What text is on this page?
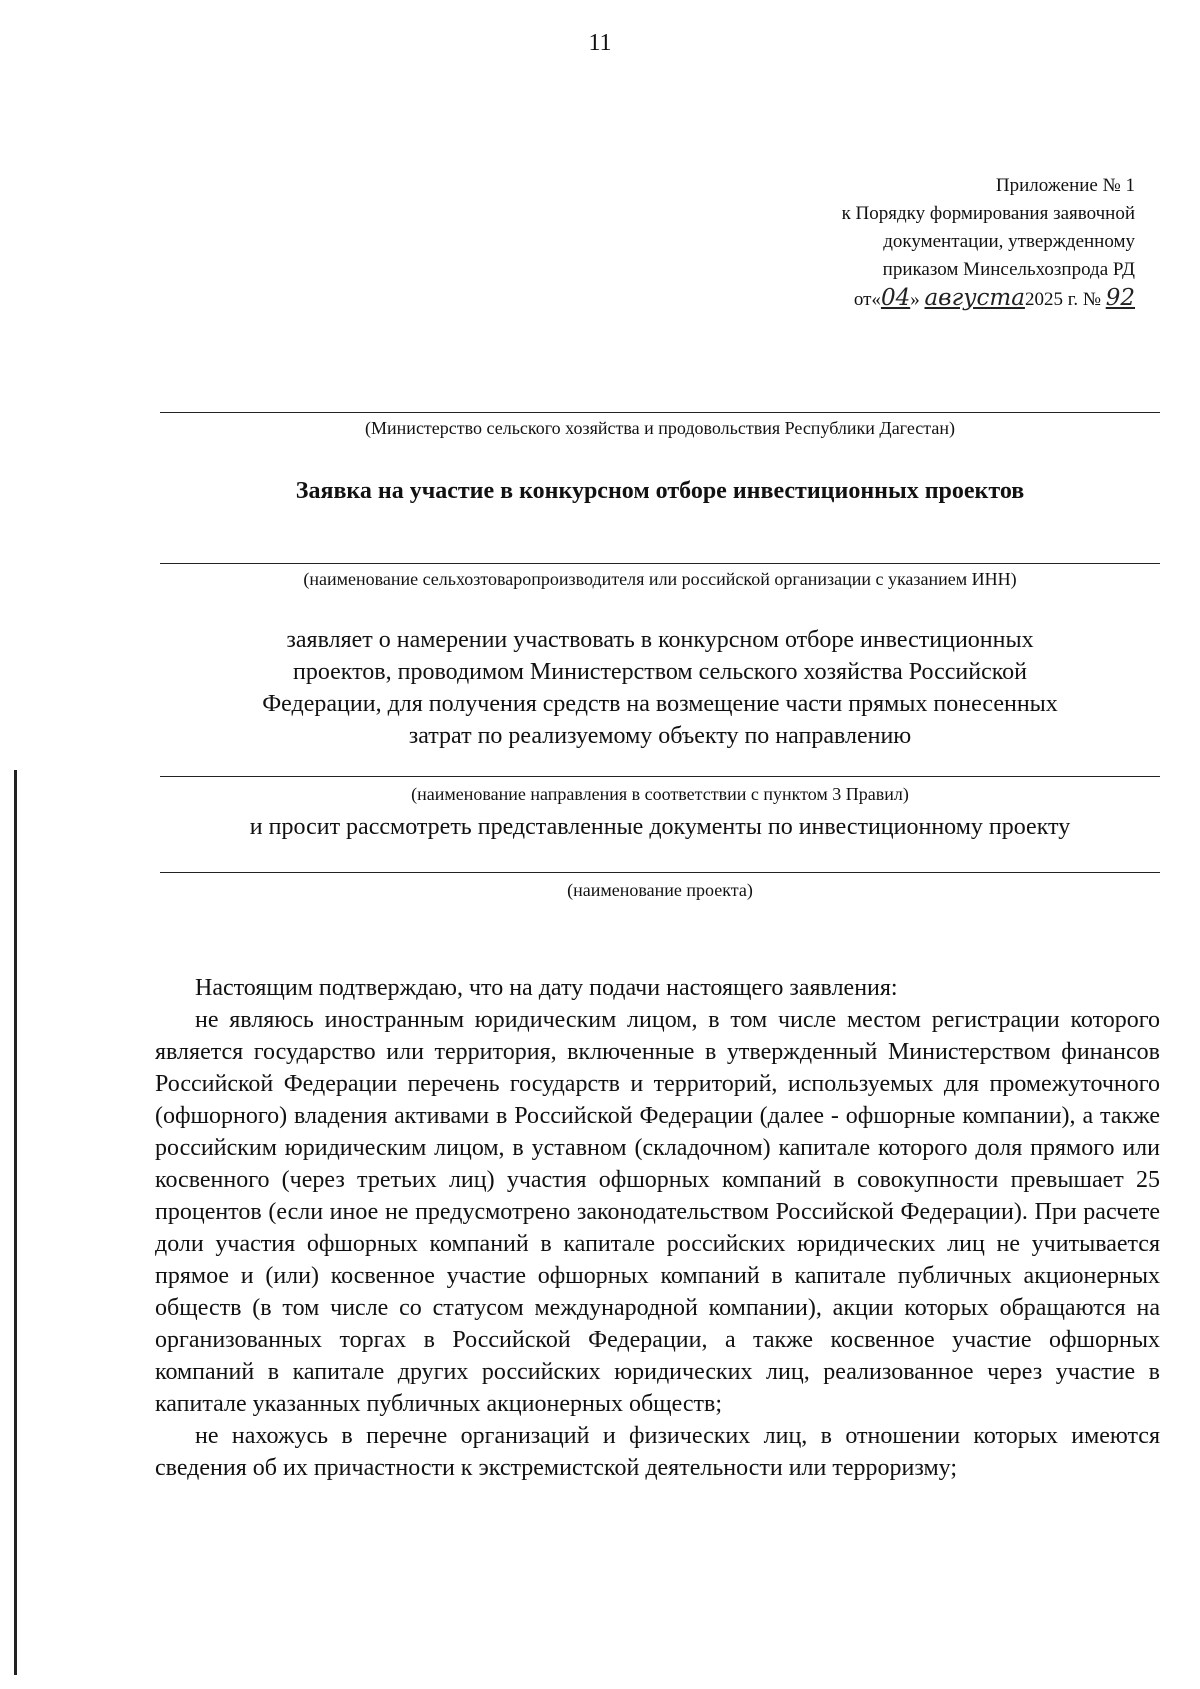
11
Приложение № 1
к Порядку формирования заявочной
документации, утвержденному
приказом Минсельхозпрода РД
от«04» августа2025 г. № 92
(Министерство сельского хозяйства и продовольствия Республики Дагестан)
Заявка на участие в конкурсном отборе инвестиционных проектов
(наименование сельхозтоваропроизводителя или российской организации с указанием ИНН)
заявляет о намерении участвовать в конкурсном отборе инвестиционных
проектов, проводимом Министерством сельского хозяйства Российской
Федерации, для получения средств на возмещение части прямых понесенных
затрат по реализуемому объекту по направлению
(наименование направления в соответствии с пунктом 3 Правил)
и просит рассмотреть представленные документы по инвестиционному проекту
(наименование проекта)

Настоящим подтверждаю, что на дату подачи настоящего заявления:

не являюсь иностранным юридическим лицом, в том числе местом регистрации которого является государство или территория, включенные в утвержденный Министерством финансов Российской Федерации перечень государств и территорий, используемых для промежуточного (офшорного) владения активами в Российской Федерации (далее - офшорные компании), а также российским юридическим лицом, в уставном (складочном) капитале которого доля прямого или косвенного (через третьих лиц) участия офшорных компаний в совокупности превышает 25 процентов (если иное не предусмотрено законодательством Российской Федерации). При расчете доли участия офшорных компаний в капитале российских юридических лиц не учитывается прямое и (или) косвенное участие офшорных компаний в капитале публичных акционерных обществ (в том числе со статусом международной компании), акции которых обращаются на организованных торгах в Российской Федерации, а также косвенное участие офшорных компаний в капитале других российских юридических лиц, реализованное через участие в капитале указанных публичных акционерных обществ;

не нахожусь в перечне организаций и физических лиц, в отношении которых имеются сведения об их причастности к экстремистской деятельности или терроризму;
